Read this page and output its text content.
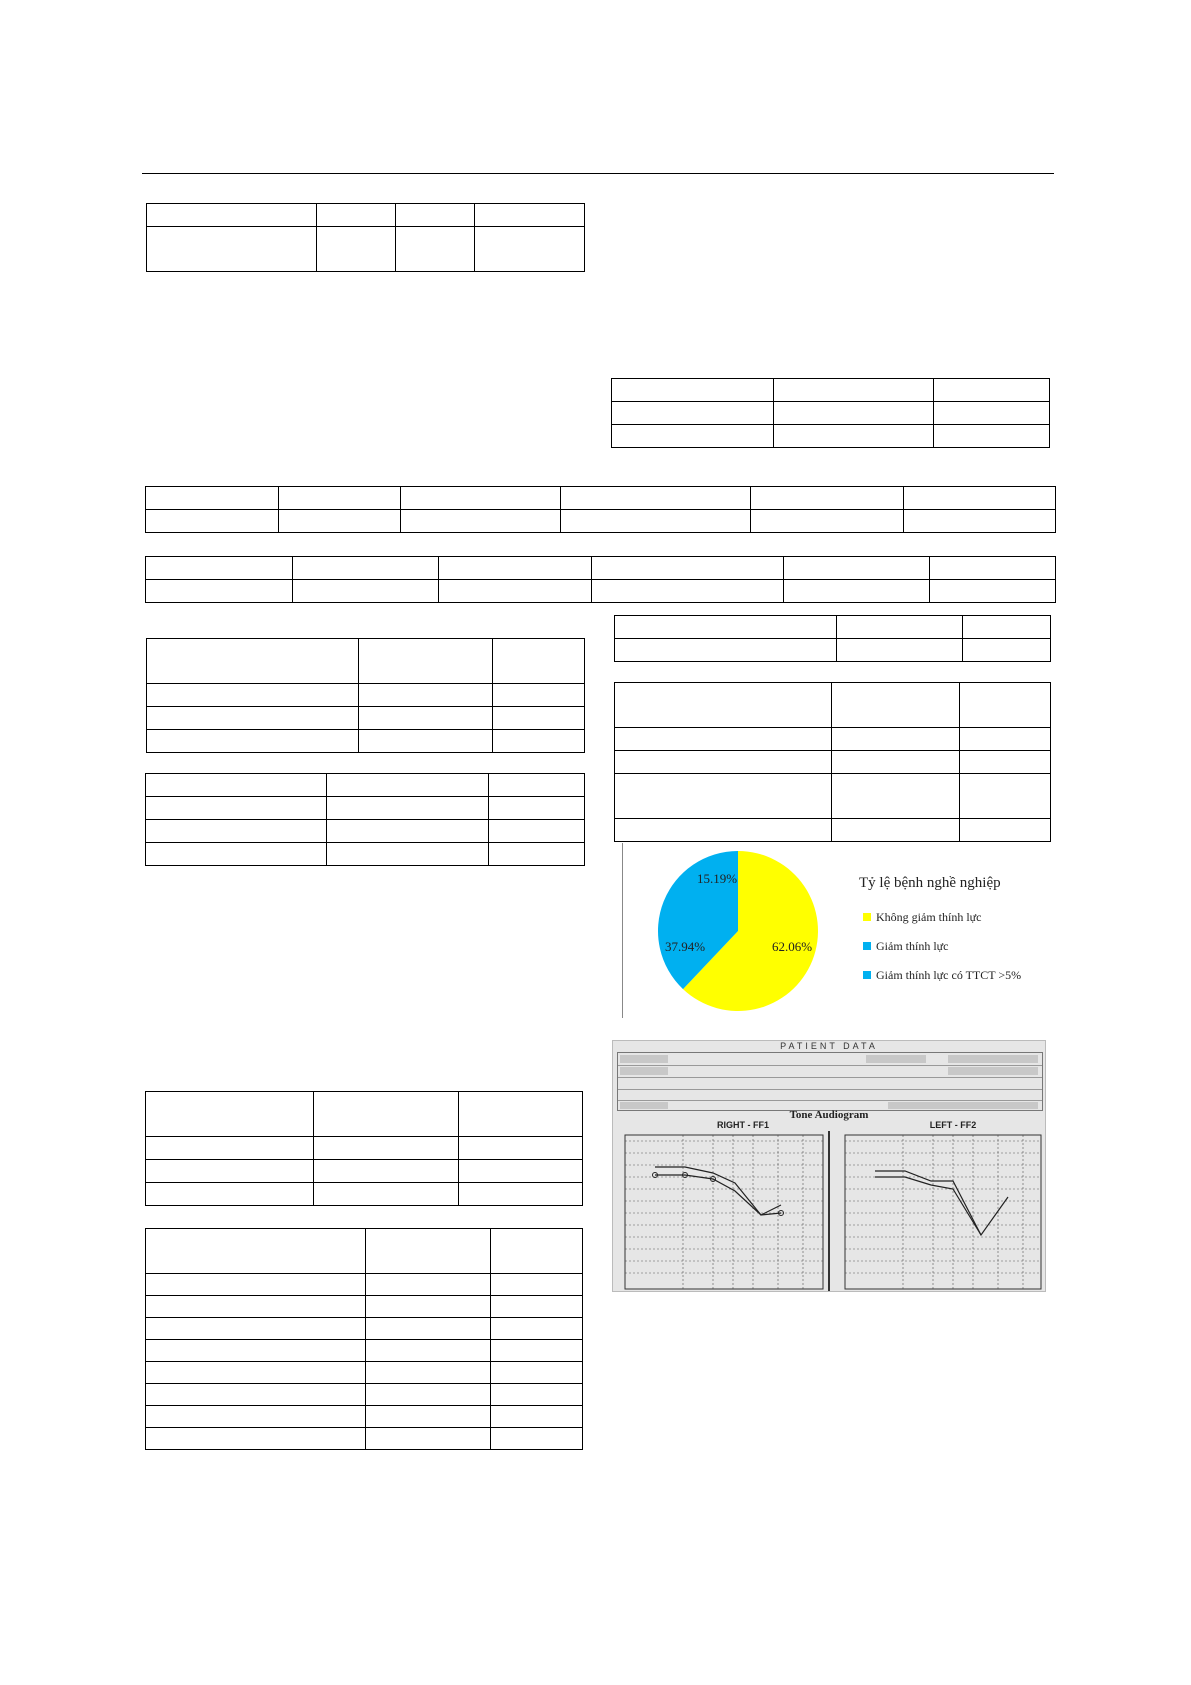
62.06%
37.94%
15.19%	Tỷ lệ bệnh nghề nghiệp
Không giảm thính lực
Giảm thính lực
Giảm thính lực có TTCT >5%
PATIENT DATA
Tone Audiogram
RIGHT - FF1	LEFT - FF2
